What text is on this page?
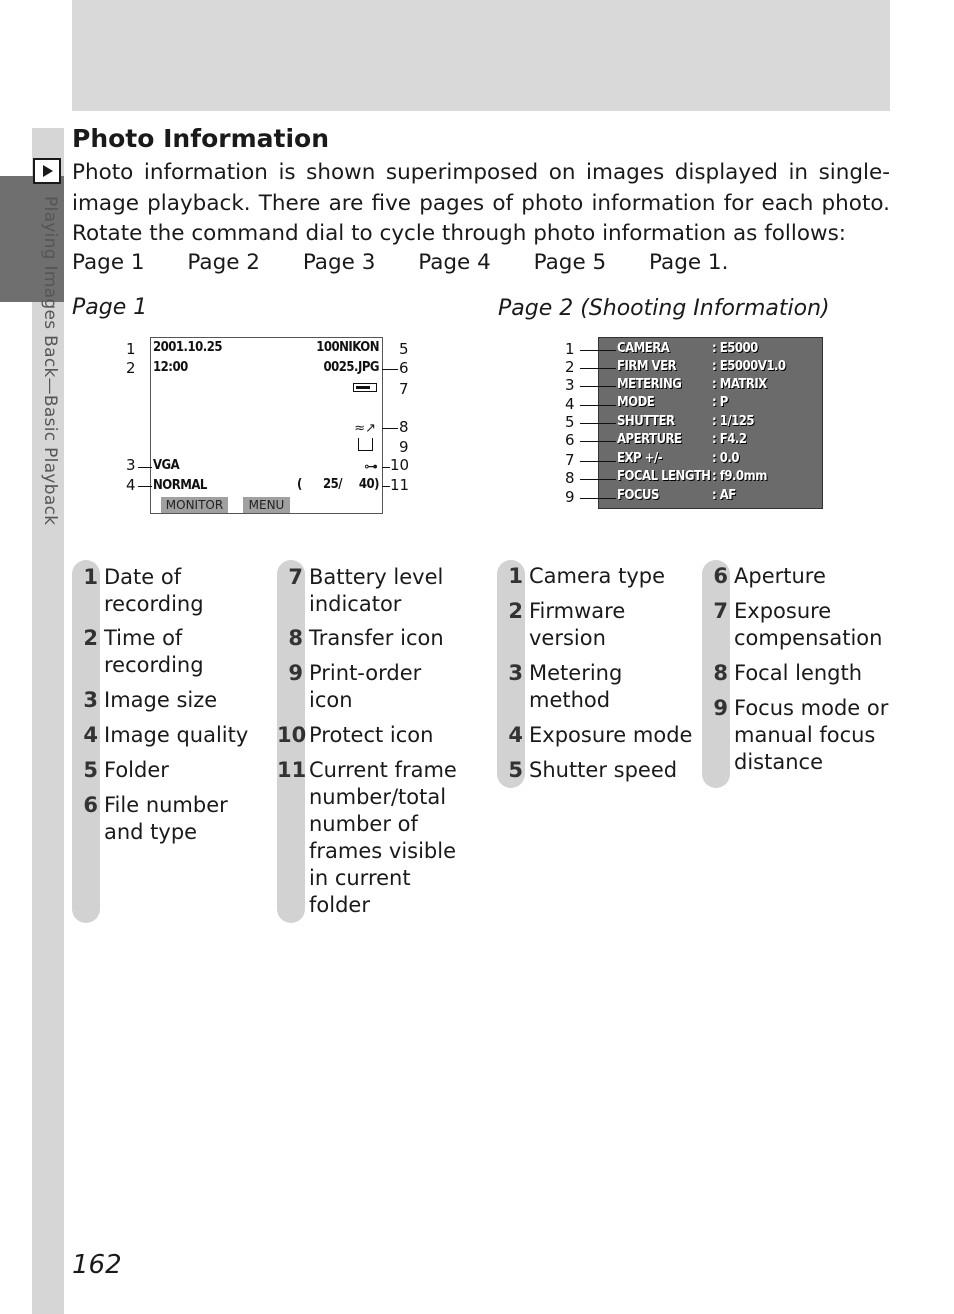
Playing Images Back—Basic Playback
Photo Information

Photo information is shown superimposed on images displayed in single-image playback. There are five pages of photo information for each photo. Rotate the command dial to cycle through photo information as follows:

Page 1 Page 2 Page 3 Page 4 Page 5 Page 1.
Page 1	Page 2 (Shooting Information)
2001.10.25
12:00
100NIKON
0025.JPG
≈↗
⊶
VGA
NORMAL	( 25/ 40)
MONITOR	MENU
1
2
3
4
5
6
7
8
9
10
11
CAMERA	: E5000
FIRM VER	: E5000V1.0
METERING : MATRIX
MODE	: P
SHUTTER	: 1/125
APERTURE : F4.2
EXP +/-	: 0.0
FOCAL LENGTH : f9.0mm
FOCUS	: AF
1
2
3
4
5
6
7
8
9
1 Date of recording
2 Time of recording
3 Image size
4 Image quality
5 Folder
6 File number and type
7 Battery level indicator
8 Transfer icon
9 Print-order icon
10 Protect icon
11 Current frame number/total number of frames visible in current folder
1 Camera type
2 Firmware version
3 Metering method
4 Exposure mode
5 Shutter speed
6 Aperture
7 Exposure compensation
8 Focal length
9 Focus mode or manual focus distance
162
